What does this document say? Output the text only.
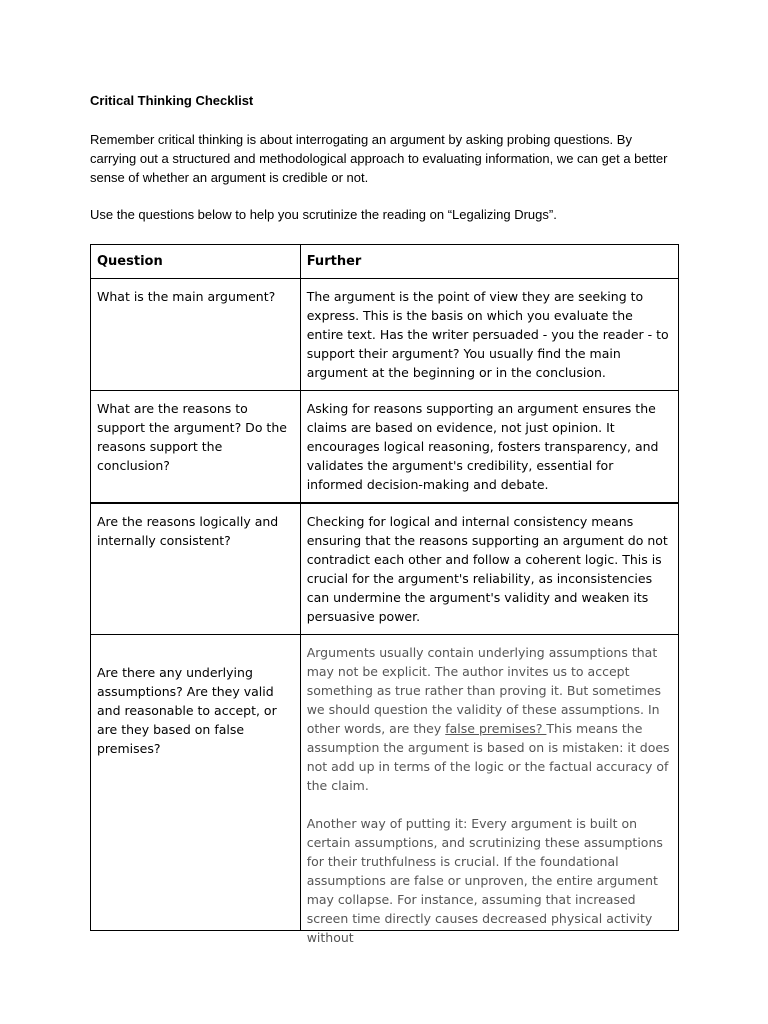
Critical Thinking Checklist

Remember critical thinking is about interrogating an argument by asking probing questions. By carrying out a structured and methodological approach to evaluating information, we can get a better sense of whether an argument is credible or not.

Use the questions below to help you scrutinize the reading on “Legalizing Drugs”.

Question	Further
What is the main argument?	The argument is the point of view they are seeking to express. This is the basis on which you evaluate the entire text. Has the writer persuaded - you the reader - to support their argument? You usually find the main argument at the beginning or in the conclusion.
What are the reasons to support the argument? Do the reasons support the conclusion?	Asking for reasons supporting an argument ensures the claims are based on evidence, not just opinion. It encourages logical reasoning, fosters transparency, and validates the argument's credibility, essential for informed decision-making and debate.
Are the reasons logically and internally consistent?	Checking for logical and internal consistency means ensuring that the reasons supporting an argument do not contradict each other and follow a coherent logic. This is crucial for the argument's reliability, as inconsistencies can undermine the argument's validity and weaken its persuasive power.
Are there any underlying assumptions? Are they valid and reasonable to accept, or are they based on false premises?	Arguments usually contain underlying assumptions that may not be explicit. The author invites us to accept something as true rather than proving it. But sometimes we should question the validity of these assumptions. In other words, are they false premises? This means the assumption the argument is based on is mistaken: it does not add up in terms of the logic or the factual accuracy of the claim.
Another way of putting it: Every argument is built on certain assumptions, and scrutinizing these assumptions for their truthfulness is crucial. If the foundational assumptions are false or unproven, the entire argument may collapse. For instance, assuming that increased screen time directly causes decreased physical activity without
